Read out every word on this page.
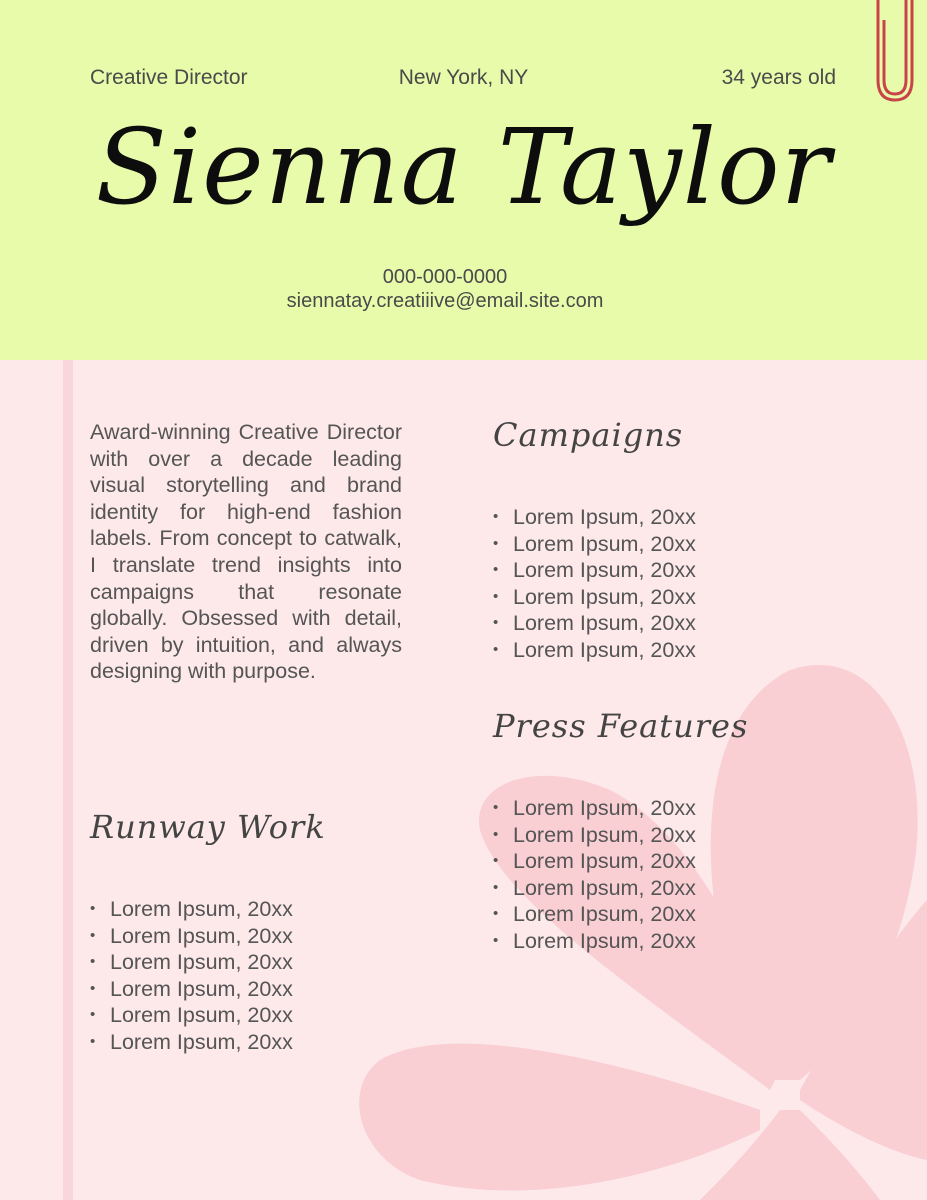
Creative Director	New York, NY	34 years old
Sienna Taylor
000-000-0000
siennatay.creatiiive@email.site.com
Award-winning Creative Director with over a decade leading visual storytelling and brand identity for high-end fashion labels. From concept to catwalk, I translate trend insights into campaigns that resonate globally. Obsessed with detail, driven by intuition, and always designing with purpose.
Runway Work
• Lorem Ipsum, 20xx
• Lorem Ipsum, 20xx
• Lorem Ipsum, 20xx
• Lorem Ipsum, 20xx
• Lorem Ipsum, 20xx
• Lorem Ipsum, 20xx
Campaigns
• Lorem Ipsum, 20xx
• Lorem Ipsum, 20xx
• Lorem Ipsum, 20xx
• Lorem Ipsum, 20xx
• Lorem Ipsum, 20xx
• Lorem Ipsum, 20xx
Press Features
• Lorem Ipsum, 20xx
• Lorem Ipsum, 20xx
• Lorem Ipsum, 20xx
• Lorem Ipsum, 20xx
• Lorem Ipsum, 20xx
• Lorem Ipsum, 20xx
